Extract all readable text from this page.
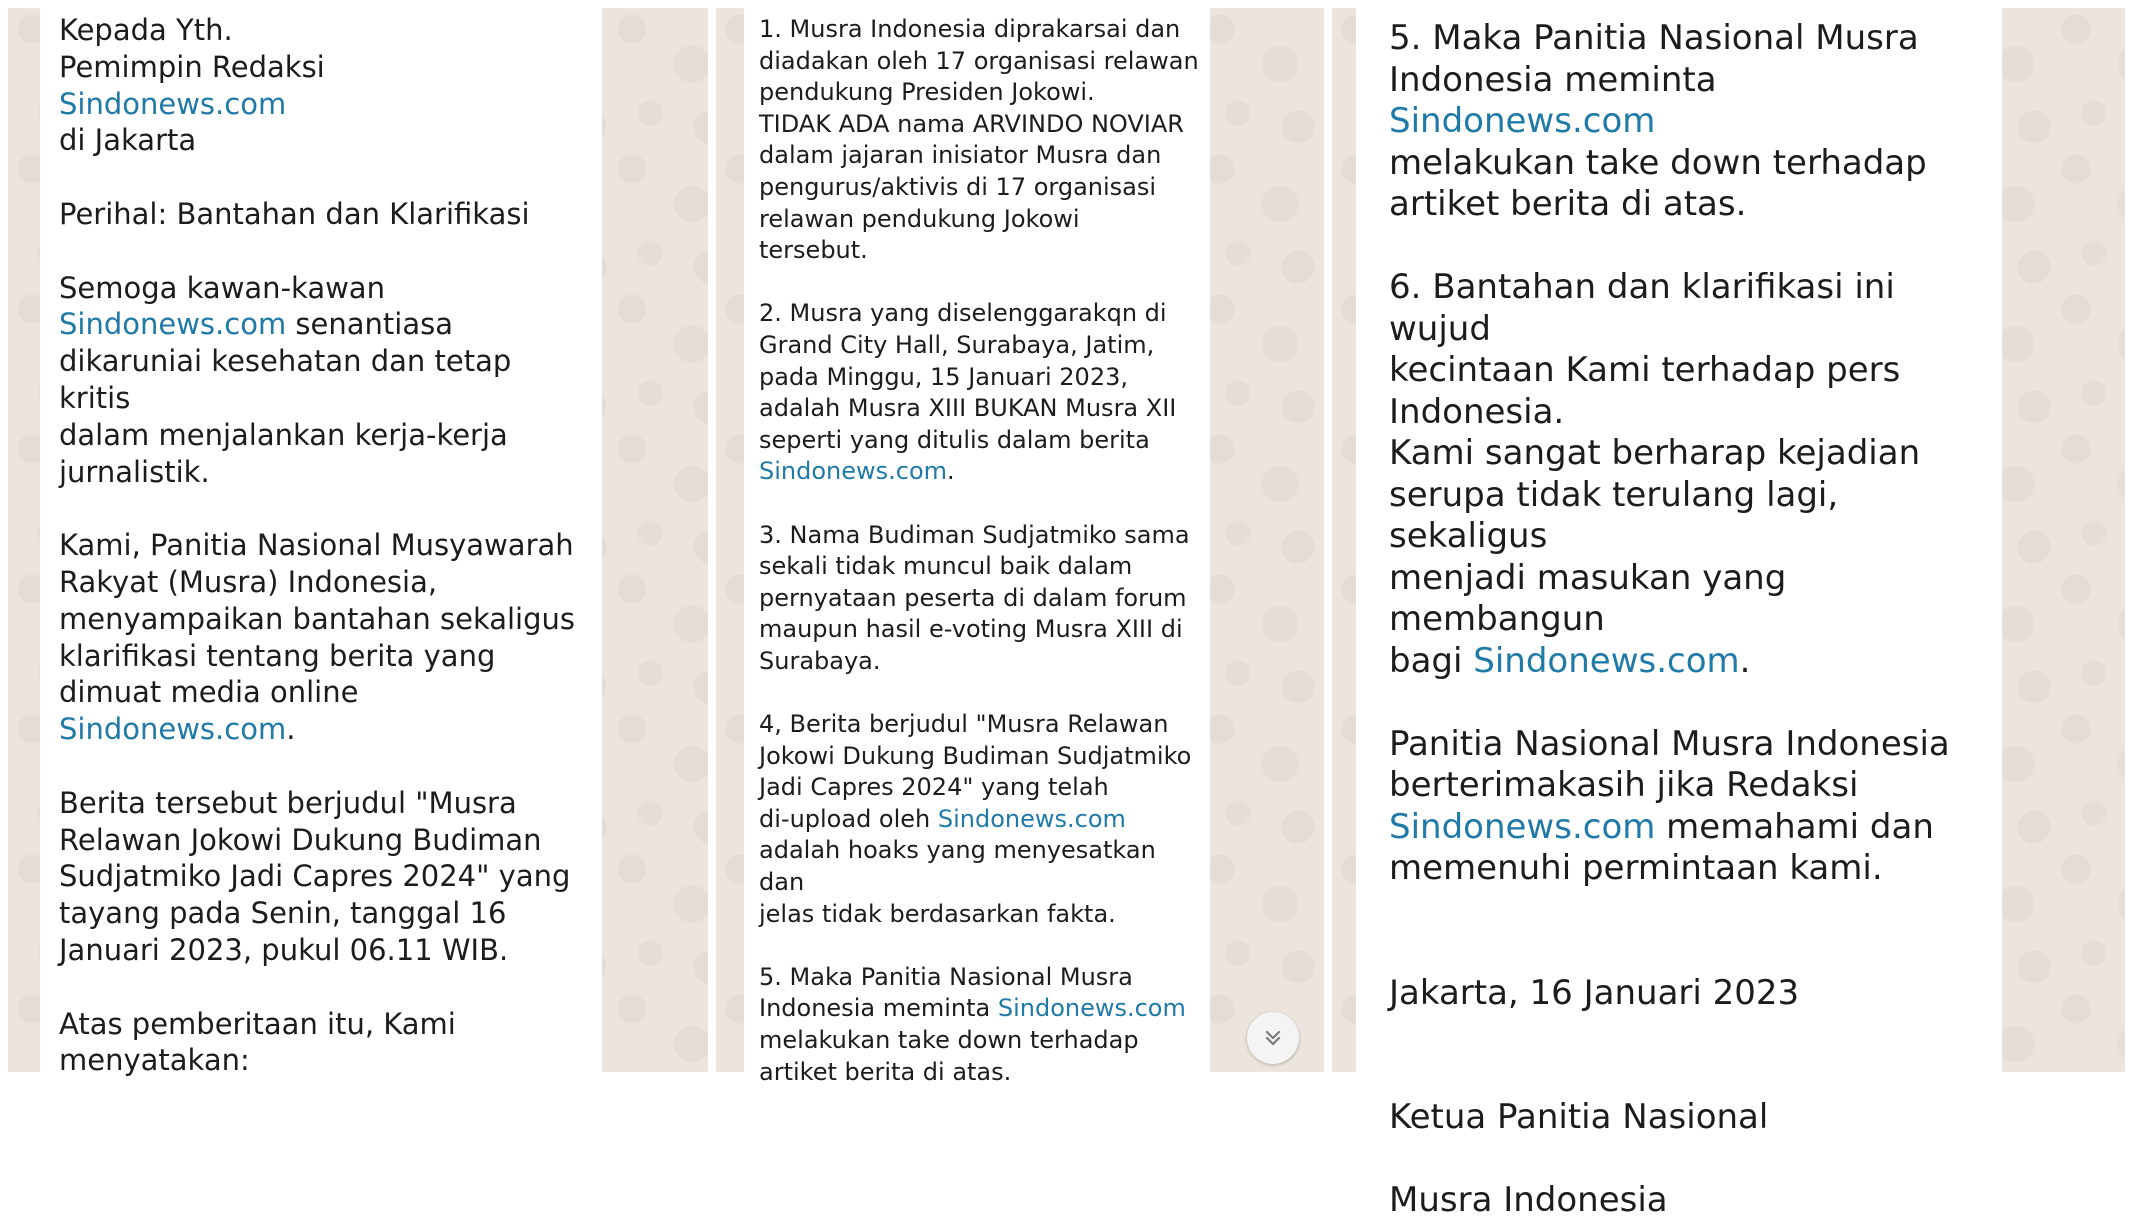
Kepada Yth.
Pemimpin Redaksi
Sindonews.com
di Jakarta

Perihal: Bantahan dan Klarifikasi

Semoga kawan-kawan
Sindonews.com senantiasa
dikaruniai kesehatan dan tetap kritis
dalam menjalankan kerja-kerja
jurnalistik.

Kami, Panitia Nasional Musyawarah
Rakyat (Musra) Indonesia,
menyampaikan bantahan sekaligus
klarifikasi tentang berita yang
dimuat media online
Sindonews.com.

Berita tersebut berjudul "Musra
Relawan Jokowi Dukung Budiman
Sudjatmiko Jadi Capres 2024" yang
tayang pada Senin, tanggal 16
Januari 2023, pukul 06.11 WIB.

Atas pemberitaan itu, Kami
menyatakan:

1. Musra Indonesia diprakarsai dan
diadakan oleh 17 organisasi relawan
pendukung Presiden Jokowi.
TIDAK ADA nama ARVINDO NOVIAR
dalam jajaran inisiator Musra dan
pengurus/aktivis di 17 organisasi
relawan pendukung Jokowi
tersebut.

2. Musra yang diselenggarakqn di
Grand City Hall, Surabaya, Jatim,
pada Minggu, 15 Januari 2023,
adalah Musra XIII BUKAN Musra XII
seperti yang ditulis dalam berita
Sindonews.com.

3. Nama Budiman Sudjatmiko sama
sekali tidak muncul baik dalam
pernyataan peserta di dalam forum
maupun hasil e-voting Musra XIII di
Surabaya.

4, Berita berjudul "Musra Relawan
Jokowi Dukung Budiman Sudjatmiko
Jadi Capres 2024" yang telah
di-upload oleh Sindonews.com
adalah hoaks yang menyesatkan dan
jelas tidak berdasarkan fakta.

5. Maka Panitia Nasional Musra
Indonesia meminta Sindonews.com
melakukan take down terhadap
artiket berita di atas.

5. Maka Panitia Nasional Musra
Indonesia meminta Sindonews.com
melakukan take down terhadap
artiket berita di atas.

6. Bantahan dan klarifikasi ini wujud
kecintaan Kami terhadap pers
Indonesia.
Kami sangat berharap kejadian
serupa tidak terulang lagi, sekaligus
menjadi masukan yang membangun
bagi Sindonews.com.

Panitia Nasional Musra Indonesia
berterimakasih jika Redaksi
Sindonews.com memahami dan
memenuhi permintaan kami.

Jakarta, 16 Januari 2023

Ketua Panitia Nasional

Musra Indonesia
